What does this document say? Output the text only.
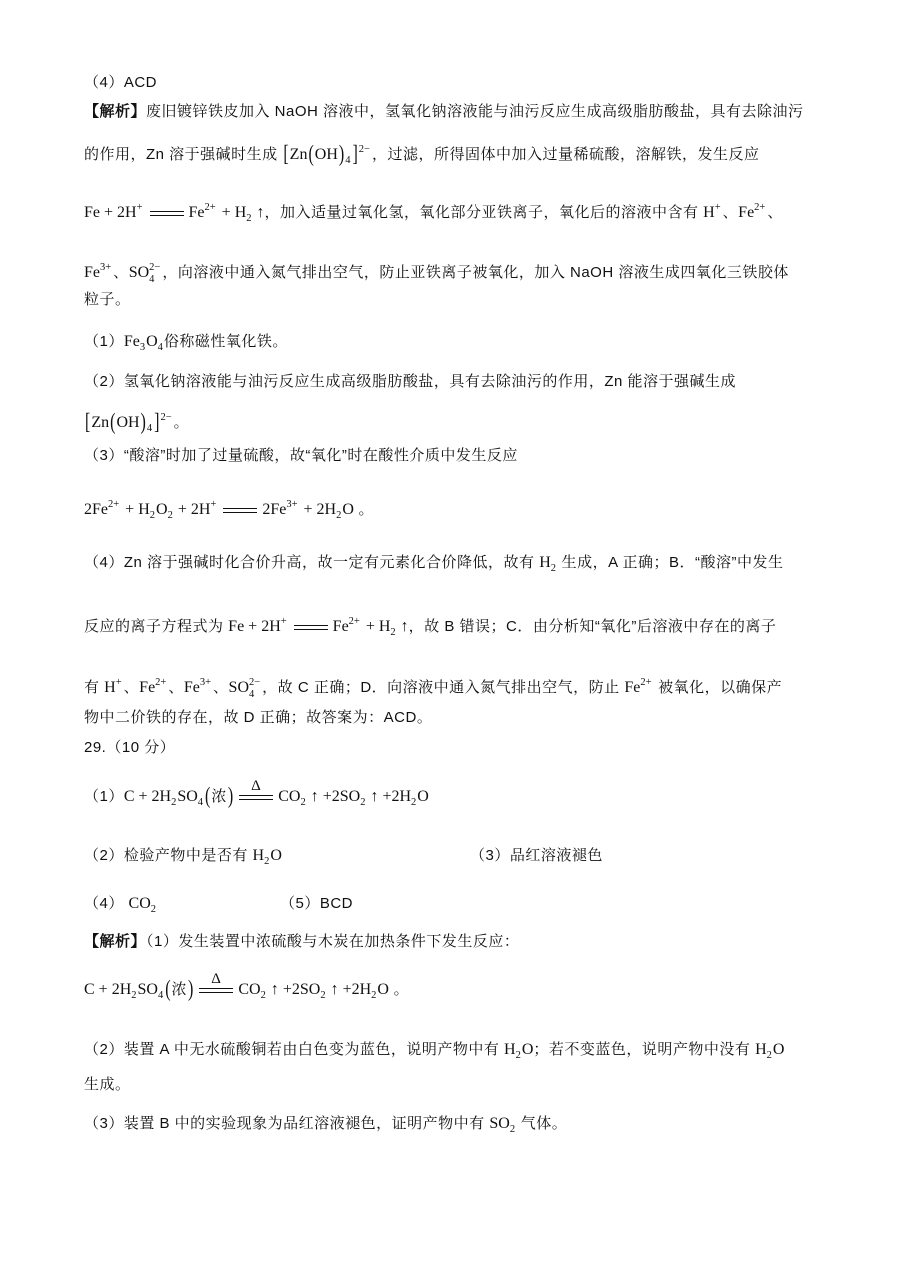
（4）ACD
【解析】废旧镀锌铁皮加入 NaOH 溶液中，氢氧化钠溶液能与油污反应生成高级脂肪酸盐，具有去除油污
的作用，Zn 溶于强碱时生成 [$Zn(OH)_4$ ]$^{2-}$ ，过滤，所得固体中加入过量稀硫酸，溶解铁，发生反应
Fe + 2H+	$Fe^{2+} + H_2$ ↑，加入适量过氧化氢，氧化部分亚铁离子，氧化后的溶液中含有 H+ 、$Fe^{2+}$ 、
$Fe^{3+}$ 、SO 2−
4 ，向溶液中通入氮气排出空气，防止亚铁离子被氧化，加入 NaOH 溶液生成四氧化三铁胶体
粒子。
$(1)Fe_3O_4$俗称磁性氧化铁。
（2）氢氧化钠溶液能与油污反应生成高级脂肪酸盐，具有去除油污的作用，Zn 能溶于强碱生成
[$Zn(OH)_4$ ]$^{2-}$ 。
（3）“酸溶”时加了过量硫酸，故“氧化”时在酸性介质中发生反应
$2Fe^{2+} + H_2O_2 + 2H^+$	$2Fe^{3+} + 2H_2O$ 。
（4）Zn 溶于强碱时化合价升高，故一定有元素化合价降低，故有 $H_2$ 生成，A 正确；B．“酸溶”中发生
反应的离子方程式为 Fe + 2H+	$Fe^{2+} + H_2$ ↑，故 B 错误；C．由分析知“氧化”后溶液中存在的离子
有 H+ 、$Fe^{2+}$ 、$Fe^{3+}$ 、SO 2−
4 ，故 C 正确；D．向溶液中通入氮气排出空气，防止 $Fe^{2+}$ 被氧化，以确保产
物中二价铁的存在，故 D 正确；故答案为：ACD。
29.（10 分）
$(1)C + 2H_2SO_4$ (浓)	Δ
$CO_2$ ↑ $+2SO_2$ ↑ $+2H_2O$
（2）检验产物中是否有 $H_2O$	（3）品红溶液褪色
（4） $CO_2$	（5）BCD
【解析】（1）发生装置中浓硫酸与木炭在加热条件下发生反应：
$C + 2H_2SO_4$ (浓)	Δ
$CO_2$ ↑ $+2SO_2$ ↑ $+2H_2O$ 。
（2）装置 A 中无水硫酸铜若由白色变为蓝色，说明产物中有 $H_2O$；若不变蓝色，说明产物中没有 $H_2O$
生成。
（3）装置 B 中的实验现象为品红溶液褪色，证明产物中有 $SO_2$ 气体。
